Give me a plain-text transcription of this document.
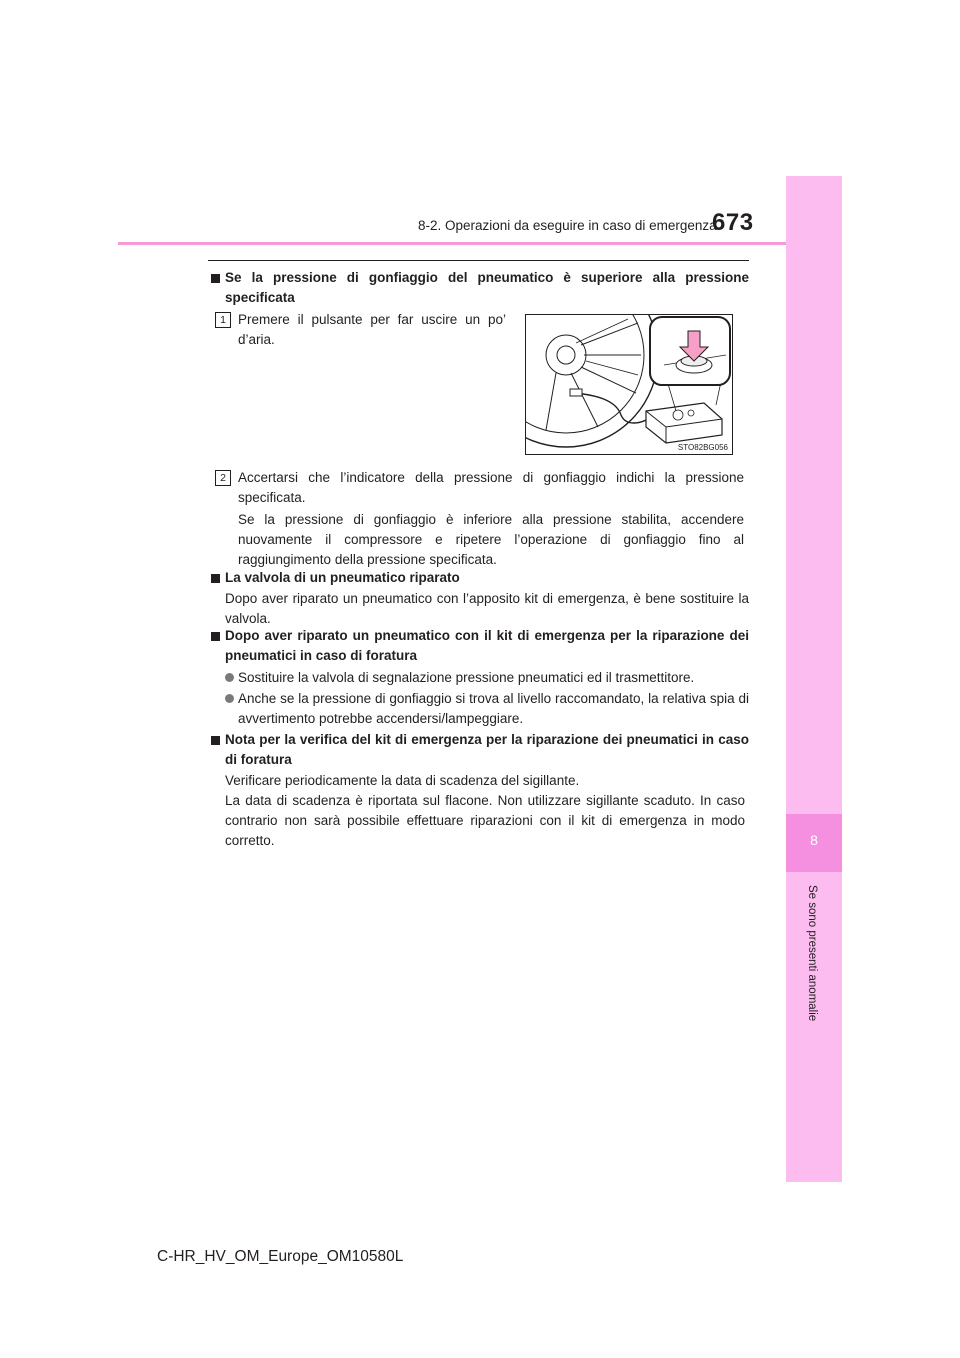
8-2. Operazioni da eseguire in caso di emergenza
673
8
Se sono presenti anomalie
Se la pressione di gonfiaggio del pneumatico è superiore alla pressione specificata
1 Premere il pulsante per far uscire un po’ d’aria.
STO82BG056
2 Accertarsi che l’indicatore della pressione di gonfiaggio indichi la pressione specificata.
Se la pressione di gonfiaggio è inferiore alla pressione stabilita, accendere nuovamente il compressore e ripetere l’operazione di gonfiaggio fino al raggiungimento della pressione specificata.
La valvola di un pneumatico riparato
Dopo aver riparato un pneumatico con l’apposito kit di emergenza, è bene sostituire la valvola.
Dopo aver riparato un pneumatico con il kit di emergenza per la riparazione dei pneumatici in caso di foratura
Sostituire la valvola di segnalazione pressione pneumatici ed il trasmettitore.
Anche se la pressione di gonfiaggio si trova al livello raccomandato, la relativa spia di avvertimento potrebbe accendersi/lampeggiare.
Nota per la verifica del kit di emergenza per la riparazione dei pneumatici in caso di foratura
Verificare periodicamente la data di scadenza del sigillante.
La data di scadenza è riportata sul flacone. Non utilizzare sigillante scaduto. In caso contrario non sarà possibile effettuare riparazioni con il kit di emergenza in modo corretto.
C-HR_HV_OM_Europe_OM10580L
